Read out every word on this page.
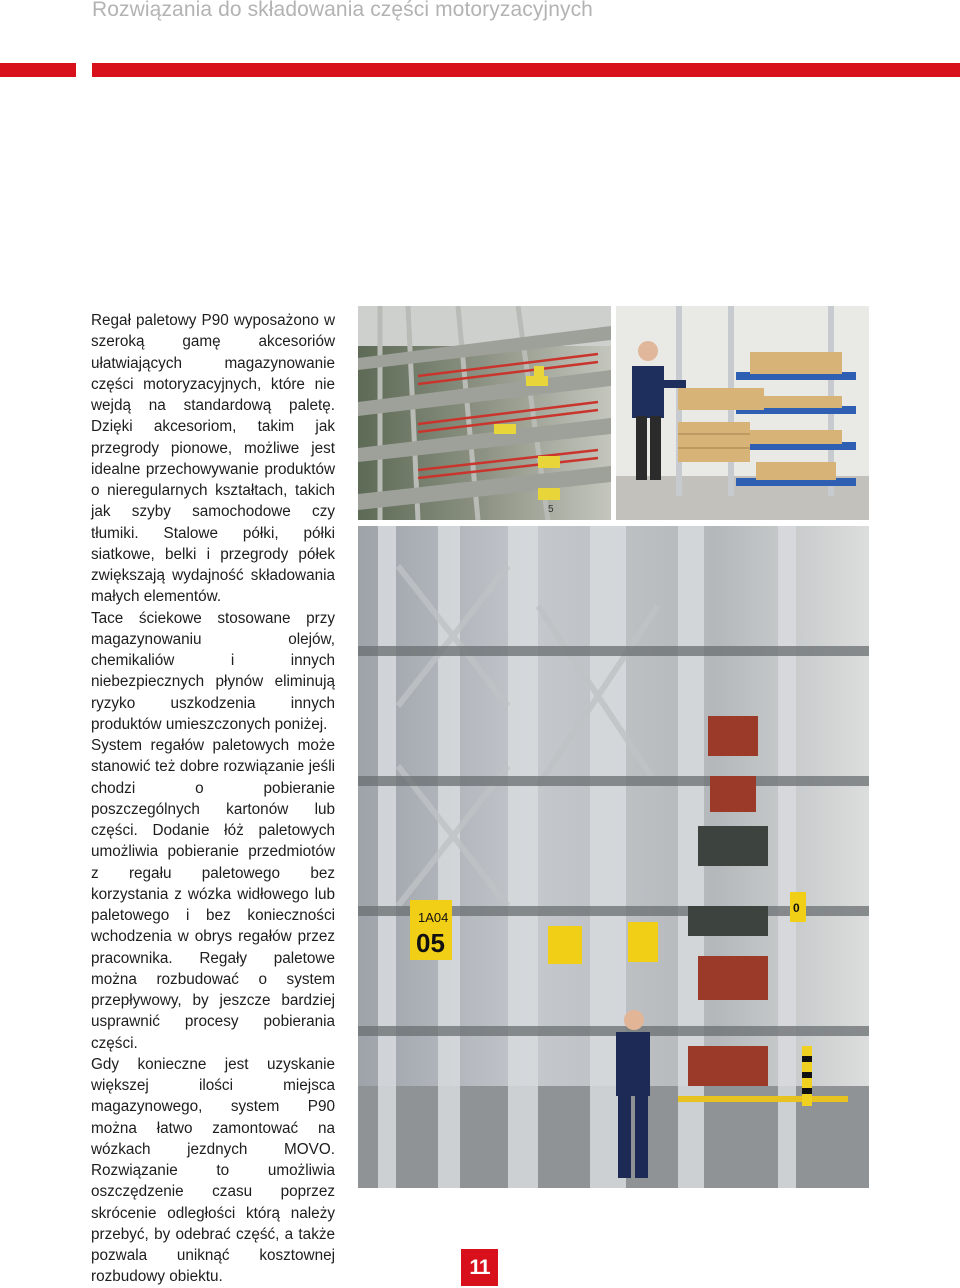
Rozwiązania do składowania części motoryzacyjnych

Regał paletowy P90 wyposażono w szeroką gamę akcesoriów ułatwiających magazynowanie części motoryzacyjnych, które nie wejdą na standardową paletę. Dzięki akcesoriom, takim jak przegrody pionowe, możliwe jest idealne przechowywanie produktów o nieregularnych kształtach, takich jak szyby samochodowe czy tłumiki. Stalowe półki, półki siatkowe, belki i przegrody półek zwiększają wydajność składowania małych elementów.

Tace ściekowe stosowane przy magazynowaniu olejów, chemikaliów i innych niebezpiecznych płynów eliminują ryzyko uszkodzenia innych produktów umieszczonych poniżej.

System regałów paletowych może stanowić też dobre rozwiązanie jeśli chodzi o pobieranie poszczególnych kartonów lub części. Dodanie łóż paletowych umożliwia pobieranie przedmiotów z regału paletowego bez korzystania z wózka widłowego lub paletowego i bez konieczności wchodzenia w obrys regałów przez pracownika. Regały paletowe można rozbudować o system przepływowy, by jeszcze bardziej usprawnić procesy pobierania części.

Gdy konieczne jest uzyskanie większej ilości miejsca magazynowego, system P90 można łatwo zamontować na wózkach jezdnych MOVO. Rozwiązanie to umożliwia oszczędzenie czasu poprzez skrócenie odległości którą należy przebyć, by odebrać część, a także pozwala uniknąć kosztownej rozbudowy obiektu.

5
1A04
05
0
11
